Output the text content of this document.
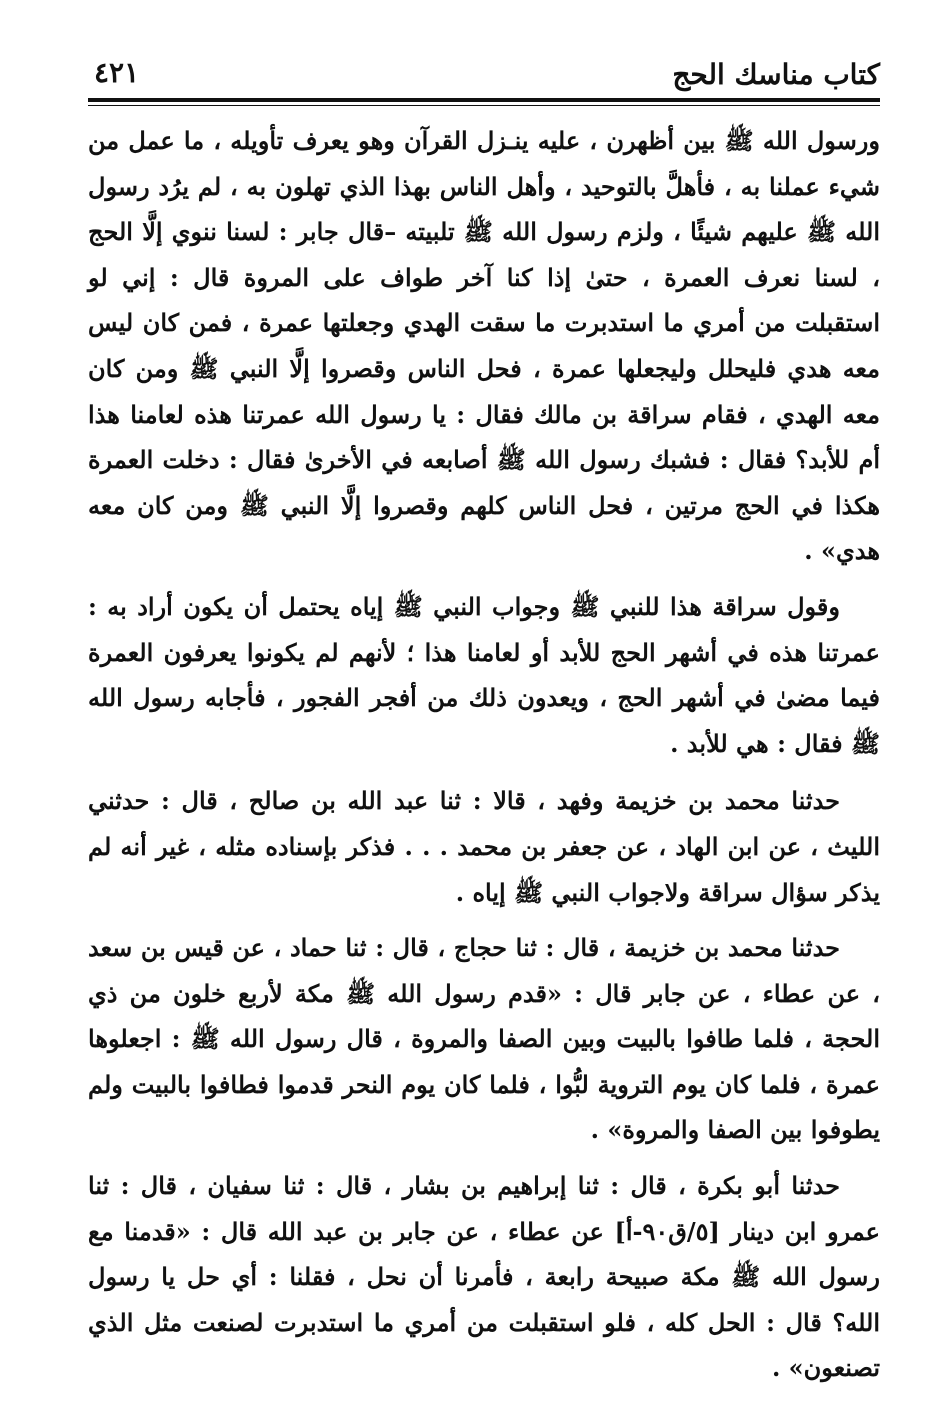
كتاب مناسك الحج
٤٢١

ورسول الله ﷺ بين أظهرن ، عليه ينـزل القرآن وهو يعرف تأويله ، ما عمل من شيء عملنا به ، فأهلَّ بالتوحيد ، وأهل الناس بهذا الذي تهلون به ، لم يرُد رسول الله ﷺ عليهم شيئًا ، ولزم رسول الله ﷺ تلبيته –قال جابر : لسنا ننوي إلَّا الحج ، لسنا نعرف العمرة ، حتىٰ إذا كنا آخر طواف على المروة قال : إني لو استقبلت من أمري ما استدبرت ما سقت الهدي وجعلتها عمرة ، فمن كان ليس معه هدي فليحلل وليجعلها عمرة ، فحل الناس وقصروا إلَّا النبي ﷺ ومن كان معه الهدي ، فقام سراقة بن مالك فقال : يا رسول الله عمرتنا هذه لعامنا هذا أم للأبد؟ فقال : فشبك رسول الله ﷺ أصابعه في الأخرىٰ فقال : دخلت العمرة هكذا في الحج مرتين ، فحل الناس كلهم وقصروا إلَّا النبي ﷺ ومن كان معه هدي» .

وقول سراقة هذا للنبي ﷺ وجواب النبي ﷺ إياه يحتمل أن يكون أراد به : عمرتنا هذه في أشهر الحج للأبد أو لعامنا هذا ؛ لأنهم لم يكونوا يعرفون العمرة فيما مضىٰ في أشهر الحج ، ويعدون ذلك من أفجر الفجور ، فأجابه رسول الله ﷺ فقال : هي للأبد .

حدثنا محمد بن خزيمة وفهد ، قالا : ثنا عبد الله بن صالح ، قال : حدثني الليث ، عن ابن الهاد ، عن جعفر بن محمد . . . فذكر بإسناده مثله ، غير أنه لم يذكر سؤال سراقة ولاجواب النبي ﷺ إياه .

حدثنا محمد بن خزيمة ، قال : ثنا حجاج ، قال : ثنا حماد ، عن قيس بن سعد ، عن عطاء ، عن جابر قال : «قدم رسول الله ﷺ مكة لأربع خلون من ذي الحجة ، فلما طافوا بالبيت وبين الصفا والمروة ، قال رسول الله ﷺ : اجعلوها عمرة ، فلما كان يوم التروية لبُّوا ، فلما كان يوم النحر قدموا فطافوا بالبيت ولم يطوفوا بين الصفا والمروة» .

حدثنا أبو بكرة ، قال : ثنا إبراهيم بن بشار ، قال : ثنا سفيان ، قال : ثنا عمرو ابن دينار [٥/ق٩٠-أ] عن عطاء ، عن جابر بن عبد الله قال : «قدمنا مع رسول الله ﷺ مكة صبيحة رابعة ، فأمرنا أن نحل ، فقلنا : أي حل يا رسول الله؟ قال : الحل كله ، فلو استقبلت من أمري ما استدبرت لصنعت مثل الذي تصنعون» .
